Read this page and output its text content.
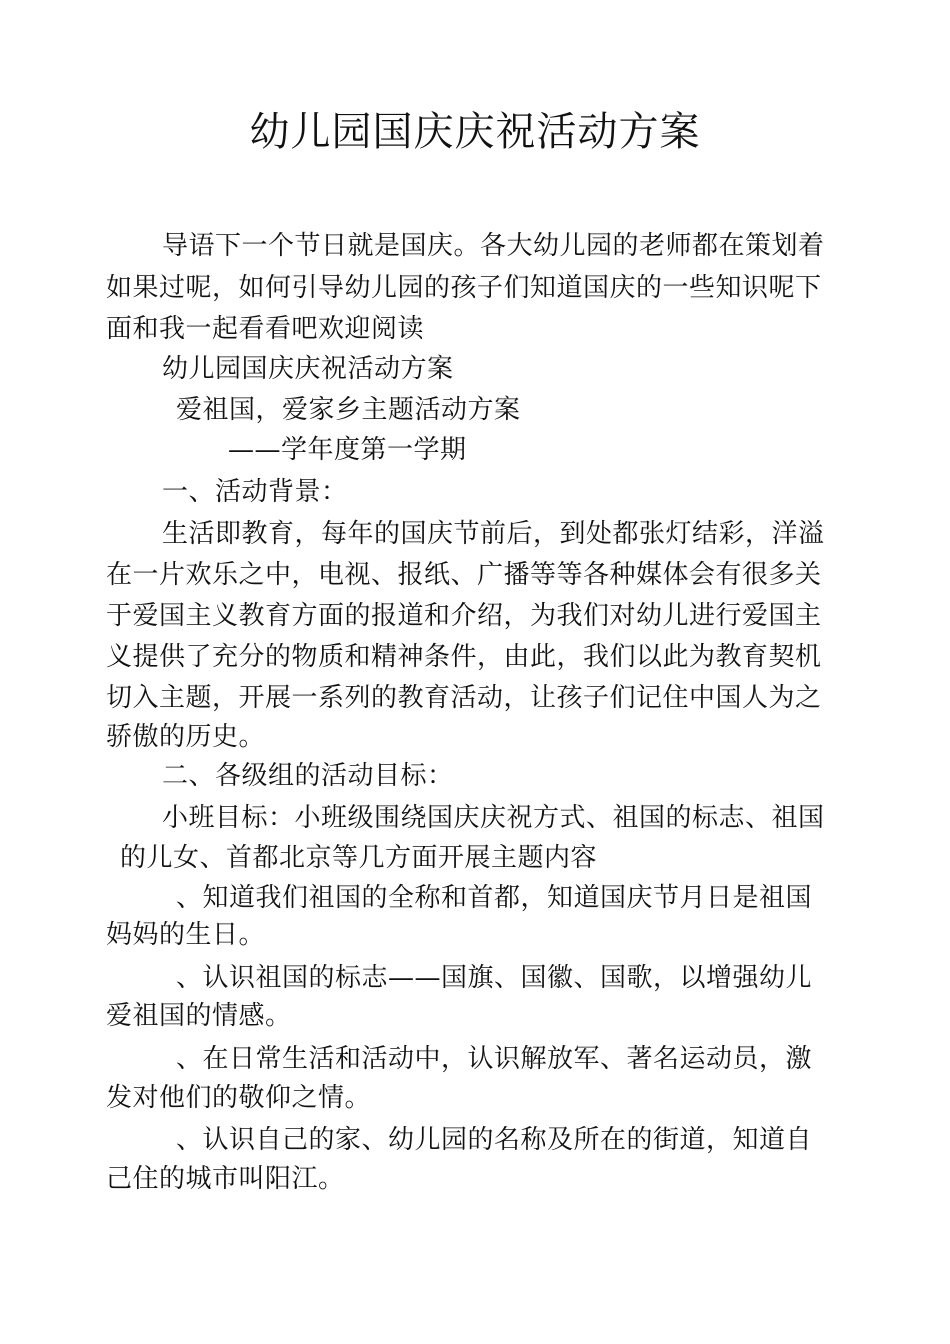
幼儿园国庆庆祝活动方案
导语下一个节日就是国庆。各大幼儿园的老师都在策划着
如果过呢，如何引导幼儿园的孩子们知道国庆的一些知识呢下
面和我一起看看吧欢迎阅读
幼儿园国庆庆祝活动方案
爱祖国，爱家乡主题活动方案
——学年度第一学期
一、活动背景：
生活即教育，每年的国庆节前后，到处都张灯结彩，洋溢
在一片欢乐之中，电视、报纸、广播等等各种媒体会有很多关
于爱国主义教育方面的报道和介绍，为我们对幼儿进行爱国主
义提供了充分的物质和精神条件，由此，我们以此为教育契机
切入主题，开展一系列的教育活动，让孩子们记住中国人为之
骄傲的历史。
二、各级组的活动目标：
小班目标：小班级围绕国庆庆祝方式、祖国的标志、祖国
的儿女、首都北京等几方面开展主题内容
、知道我们祖国的全称和首都，知道国庆节月日是祖国
妈妈的生日。
、认识祖国的标志——国旗、国徽、国歌，以增强幼儿
爱祖国的情感。
、在日常生活和活动中，认识解放军、著名运动员，激
发对他们的敬仰之情。
、认识自己的家、幼儿园的名称及所在的街道，知道自
己住的城市叫阳江。
